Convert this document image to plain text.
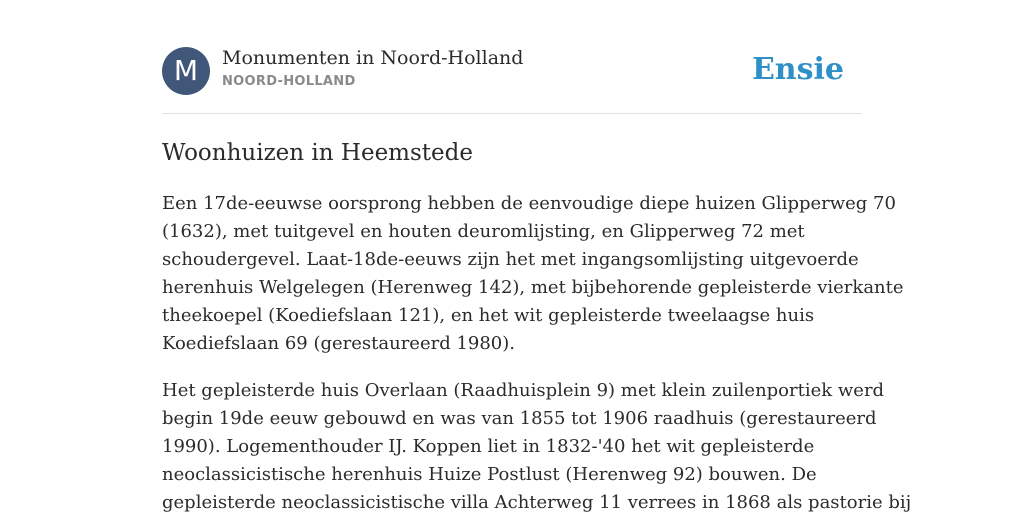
M	Monumenten in Noord-Holland
NOORD-HOLLAND	Ensie
Woonhuizen in Heemstede

Een 17de-eeuwse oorsprong hebben de eenvoudige diepe huizen Glipperweg 70
(1632), met tuitgevel en houten deuromlijsting, en Glipperweg 72 met
schoudergevel. Laat-18de-eeuws zijn het met ingangsomlijsting uitgevoerde
herenhuis Welgelegen (Herenweg 142), met bijbehorende gepleisterde vierkante
theekoepel (Koediefslaan 121), en het wit gepleisterde tweelaagse huis
Koediefslaan 69 (gerestaureerd 1980).

Het gepleisterde huis Overlaan (Raadhuisplein 9) met klein zuilenportiek werd
begin 19de eeuw gebouwd en was van 1855 tot 1906 raadhuis (gerestaureerd
1990). Logementhouder IJ. Koppen liet in 1832-'40 het wit gepleisterde
neoclassicistische herenhuis Huize Postlust (Herenweg 92) bouwen. De
gepleisterde neoclassicistische villa Achterweg 11 verrees in 1868 als pastorie bij
